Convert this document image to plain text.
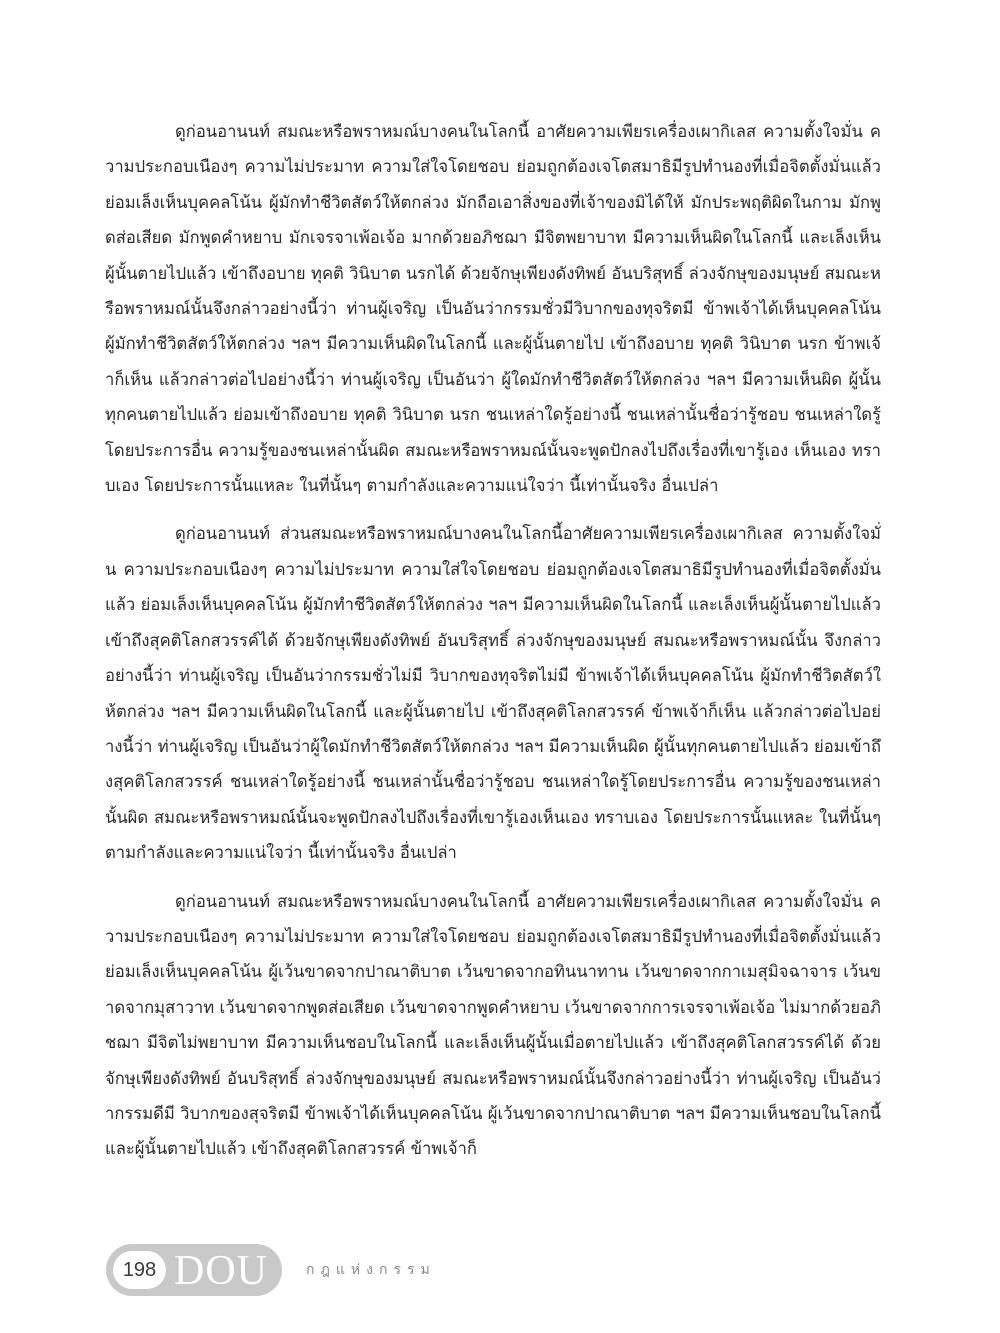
ดูก่อนอานนท์ สมณะหรือพราหมณ์บางคนในโลกนี้ อาศัยความเพียรเครื่องเผากิเลส ความตั้งใจมั่น ความประกอบเนืองๆ ความไม่ประมาท ความใส่ใจโดยชอบ ย่อมถูกต้องเจโตสมาธิมีรูปทำนองที่เมื่อจิตตั้งมั่นแล้ว ย่อมเล็งเห็นบุคคลโน้น ผู้มักทำชีวิตสัตว์ให้ตกล่วง มักถือเอาสิ่งของที่เจ้าของมิได้ให้ มักประพฤติผิดในกาม มักพูดส่อเสียด มักพูดคำหยาบ มักเจรจาเพ้อเจ้อ มากด้วยอภิชฌา มีจิตพยาบาท มีความเห็นผิดในโลกนี้ และเล็งเห็นผู้นั้นตายไปแล้ว เข้าถึงอบาย ทุคติ วินิบาต นรกได้ ด้วยจักษุเพียงดังทิพย์ อันบริสุทธิ์ ล่วงจักษุของมนุษย์ สมณะหรือพราหมณ์นั้นจึงกล่าวอย่างนี้ว่า ท่านผู้เจริญ เป็นอันว่ากรรมชั่วมีวิบากของทุจริตมี ข้าพเจ้าได้เห็นบุคคลโน้น ผู้มักทำชีวิตสัตว์ให้ตกล่วง ฯลฯ มีความเห็นผิดในโลกนี้ และผู้นั้นตายไป เข้าถึงอบาย ทุคติ วินิบาต นรก ข้าพเจ้าก็เห็น แล้วกล่าวต่อไปอย่างนี้ว่า ท่านผู้เจริญ เป็นอันว่า ผู้ใดมักทำชีวิตสัตว์ให้ตกล่วง ฯลฯ มีความเห็นผิด ผู้นั้นทุกคนตายไปแล้ว ย่อมเข้าถึงอบาย ทุคติ วินิบาต นรก ชนเหล่าใดรู้อย่างนี้ ชนเหล่านั้นชื่อว่ารู้ชอบ ชนเหล่าใดรู้โดยประการอื่น ความรู้ของชนเหล่านั้นผิด สมณะหรือพราหมณ์นั้นจะพูดปักลงไปถึงเรื่องที่เขารู้เอง เห็นเอง ทราบเอง โดยประการนั้นแหละ ในที่นั้นๆ ตามกำลังและความแน่ใจว่า นี้เท่านั้นจริง อื่นเปล่า

ดูก่อนอานนท์ ส่วนสมณะหรือพราหมณ์บางคนในโลกนี้อาศัยความเพียรเครื่องเผากิเลส ความตั้งใจมั่น ความประกอบเนืองๆ ความไม่ประมาท ความใส่ใจโดยชอบ ย่อมถูกต้องเจโตสมาธิมีรูปทำนองที่เมื่อจิตตั้งมั่นแล้ว ย่อมเล็งเห็นบุคคลโน้น ผู้มักทำชีวิตสัตว์ให้ตกล่วง ฯลฯ มีความเห็นผิดในโลกนี้ และเล็งเห็นผู้นั้นตายไปแล้ว เข้าถึงสุคติโลกสวรรค์ได้ ด้วยจักษุเพียงดังทิพย์ อันบริสุทธิ์ ล่วงจักษุของมนุษย์ สมณะหรือพราหมณ์นั้น จึงกล่าวอย่างนี้ว่า ท่านผู้เจริญ เป็นอันว่ากรรมชั่วไม่มี วิบากของทุจริตไม่มี ข้าพเจ้าได้เห็นบุคคลโน้น ผู้มักทำชีวิตสัตว์ให้ตกล่วง ฯลฯ มีความเห็นผิดในโลกนี้ และผู้นั้นตายไป เข้าถึงสุคติโลกสวรรค์ ข้าพเจ้าก็เห็น แล้วกล่าวต่อไปอย่างนี้ว่า ท่านผู้เจริญ เป็นอันว่าผู้ใดมักทำชีวิตสัตว์ให้ตกล่วง ฯลฯ มีความเห็นผิด ผู้นั้นทุกคนตายไปแล้ว ย่อมเข้าถึงสุคติโลกสวรรค์ ชนเหล่าใดรู้อย่างนี้ ชนเหล่านั้นชื่อว่ารู้ชอบ ชนเหล่าใดรู้โดยประการอื่น ความรู้ของชนเหล่านั้นผิด สมณะหรือพราหมณ์นั้นจะพูดปักลงไปถึงเรื่องที่เขารู้เองเห็นเอง ทราบเอง โดยประการนั้นแหละ ในที่นั้นๆ ตามกำลังและความแน่ใจว่า นี้เท่านั้นจริง อื่นเปล่า

ดูก่อนอานนท์ สมณะหรือพราหมณ์บางคนในโลกนี้ อาศัยความเพียรเครื่องเผากิเลส ความตั้งใจมั่น ความประกอบเนืองๆ ความไม่ประมาท ความใส่ใจโดยชอบ ย่อมถูกต้องเจโตสมาธิมีรูปทำนองที่เมื่อจิตตั้งมั่นแล้ว ย่อมเล็งเห็นบุคคลโน้น ผู้เว้นขาดจากปาณาติบาต เว้นขาดจากอทินนาทาน เว้นขาดจากกาเมสุมิจฉาจาร เว้นขาดจากมุสาวาท เว้นขาดจากพูดส่อเสียด เว้นขาดจากพูดคำหยาบ เว้นขาดจากการเจรจาเพ้อเจ้อ ไม่มากด้วยอภิชฌา มีจิตไม่พยาบาท มีความเห็นชอบในโลกนี้ และเล็งเห็นผู้นั้นเมื่อตายไปแล้ว เข้าถึงสุคติโลกสวรรค์ได้ ด้วยจักษุเพียงดังทิพย์ อันบริสุทธิ์ ล่วงจักษุของมนุษย์ สมณะหรือพราหมณ์นั้นจึงกล่าวอย่างนี้ว่า ท่านผู้เจริญ เป็นอันว่ากรรมดีมี วิบากของสุจริตมี ข้าพเจ้าได้เห็นบุคคลโน้น ผู้เว้นขาดจากปาณาติบาต ฯลฯ มีความเห็นชอบในโลกนี้ และผู้นั้นตายไปแล้ว เข้าถึงสุคติโลกสวรรค์ ข้าพเจ้าก็

198 DOU	กฎแห่งกรรม
